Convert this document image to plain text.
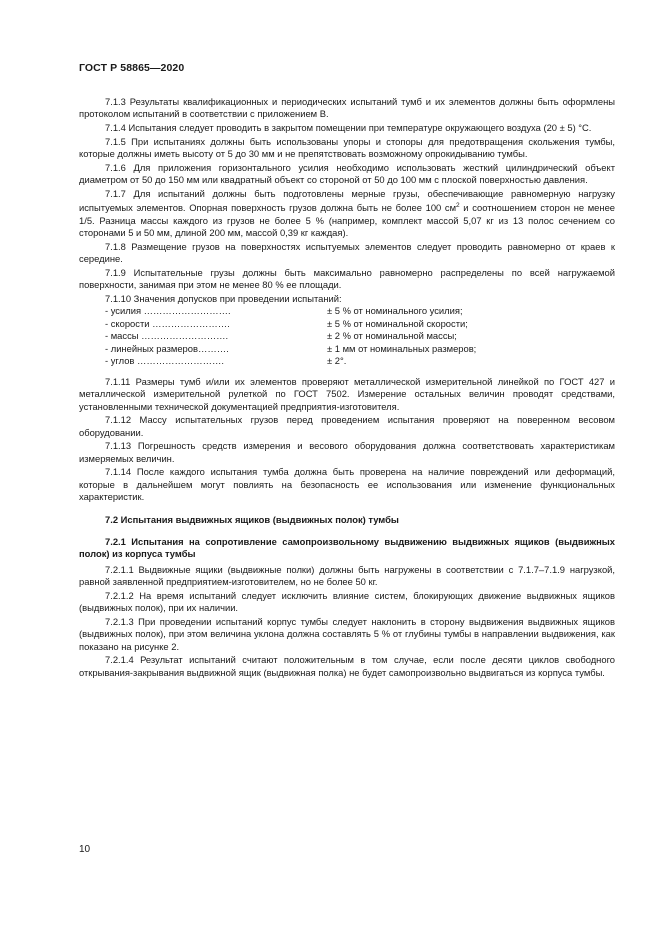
ГОСТ Р 58865—2020

7.1.3 Результаты квалификационных и периодических испытаний тумб и их элементов должны быть оформлены протоколом испытаний в соответствии с приложением В.

7.1.4 Испытания следует проводить в закрытом помещении при температуре окружающего воздуха (20 ± 5) °С.

7.1.5 При испытаниях должны быть использованы упоры и стопоры для предотвращения скольжения тумбы, которые должны иметь высоту от 5 до 30 мм и не препятствовать возможному опрокидыванию тумбы.

7.1.6 Для приложения горизонтального усилия необходимо использовать жесткий цилиндрический объект диаметром от 50 до 150 мм или квадратный объект со стороной от 50 до 100 мм с плоской поверхностью давления.

7.1.7 Для испытаний должны быть подготовлены мерные грузы, обеспечивающие равномерную нагрузку испытуемых элементов. Опорная поверхность грузов должна быть не более 100 $см^2$ и соотношением сторон не менее 1/5. Разница массы каждого из грузов не более 5 % (например, комплект массой 5,07 кг из 13 полос сечением со сторонами 5 и 50 мм, длиной 200 мм, массой 0,39 кг каждая).

7.1.8 Размещение грузов на поверхностях испытуемых элементов следует проводить равномерно от краев к середине.

7.1.9 Испытательные грузы должны быть максимально равномерно распределены по всей нагружаемой поверхности, занимая при этом не менее 80 % ее площади.

7.1.10 Значения допусков при проведении испытаний:

- усилия ……………………….	± 5 % от номинального усилия;
- скорости …………………….	± 5 % от номинальной скорости;
- массы ……………………….	± 2 % от номинальной массы;
- линейных размеров……….	± 1 мм от номинальных размеров;
- углов ……………………….	± 2°.

7.1.11 Размеры тумб и/или их элементов проверяют металлической измерительной линейкой по ГОСТ 427 и металлической измерительной рулеткой по ГОСТ 7502. Измерение остальных величин проводят средствами, установленными технической документацией предприятия-изготовителя.

7.1.12 Массу испытательных грузов перед проведением испытания проверяют на поверенном весовом оборудовании.

7.1.13 Погрешность средств измерения и весового оборудования должна соответствовать характеристикам измеряемых величин.

7.1.14 После каждого испытания тумба должна быть проверена на наличие повреждений или деформаций, которые в дальнейшем могут повлиять на безопасность ее использования или изменение функциональных характеристик.

7.2 Испытания выдвижных ящиков (выдвижных полок) тумбы

7.2.1 Испытания на сопротивление самопроизвольному выдвижению выдвижных ящиков (выдвижных полок) из корпуса тумбы

7.2.1.1 Выдвижные ящики (выдвижные полки) должны быть нагружены в соответствии с 7.1.7–7.1.9 нагрузкой, равной заявленной предприятием-изготовителем, но не более 50 кг.

7.2.1.2 На время испытаний следует исключить влияние систем, блокирующих движение выдвижных ящиков (выдвижных полок), при их наличии.

7.2.1.3 При проведении испытаний корпус тумбы следует наклонить в сторону выдвижения выдвижных ящиков (выдвижных полок), при этом величина уклона должна составлять 5 % от глубины тумбы в направлении выдвижения, как показано на рисунке 2.

7.2.1.4 Результат испытаний считают положительным в том случае, если после десяти циклов свободного открывания-закрывания выдвижной ящик (выдвижная полка) не будет самопроизвольно выдвигаться из корпуса тумбы.

10
